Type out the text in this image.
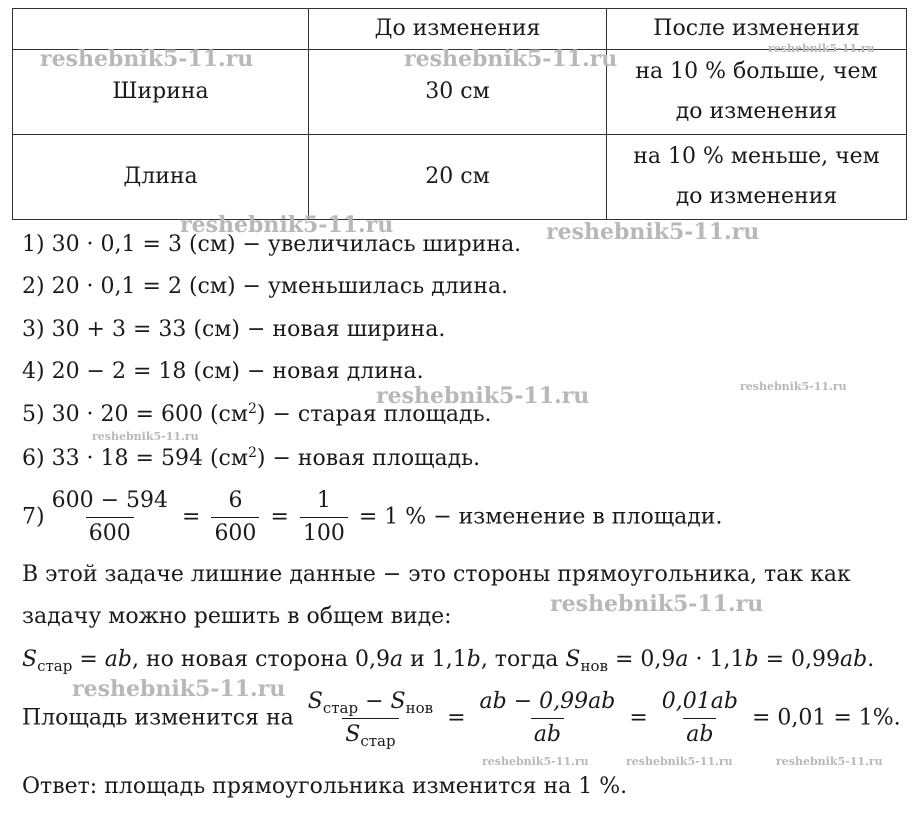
	До изменения	После изменения
Ширина	30 см	на 10 % больше, чем
до изменения
Длина	20 см	на 10 % меньше, чем
до изменения
1) 30 · 0,1 = 3 (см) − увеличилась ширина.
2) 20 · 0,1 = 2 (см) − уменьшилась длина.
3) 30 + 3 = 33 (см) − новая ширина.
4) 20 − 2 = 18 (см) − новая длина.
5) 30 · 20 = 600 $(см^2)$ − старая площадь.
6) 33 · 18 = 594 $(см^2)$ − новая площадь.
$7) \frac{600 - 594}{600} = \frac{6}{600} = \frac{1}{100} = 1$ % − изменение в площади.
В этой задаче лишние данные − это стороны прямоугольника, так как
задачу можно решить в общем виде:
$S_{стар}$ = ab, но новая сторона 0,9a и 1,1b, тогда $S_{нов} = 0,9a \cdot 1,1b = 0,99ab$.
Площадь изменится на $\frac{S_{стар} - S_{нов}}{S_{стар}} = \frac{ab - 0,99ab}{ab} = \frac{0,01ab}{ab} = 0,01 = 1\%$.
Ответ: площадь прямоугольника изменится на 1 %.
reshebnik5-11.ru	reshebnik5-11.ru	reshebnik5-11.ru
reshebnik5-11.ru	reshebnik5-11.ru
reshebnik5-11.ru	reshebnik5-11.ru
reshebnik5-11.ru
reshebnik5-11.ru
reshebnik5-11.ru
reshebnik5-11.ru	reshebnik5-11.ru	reshebnik5-11.ru
